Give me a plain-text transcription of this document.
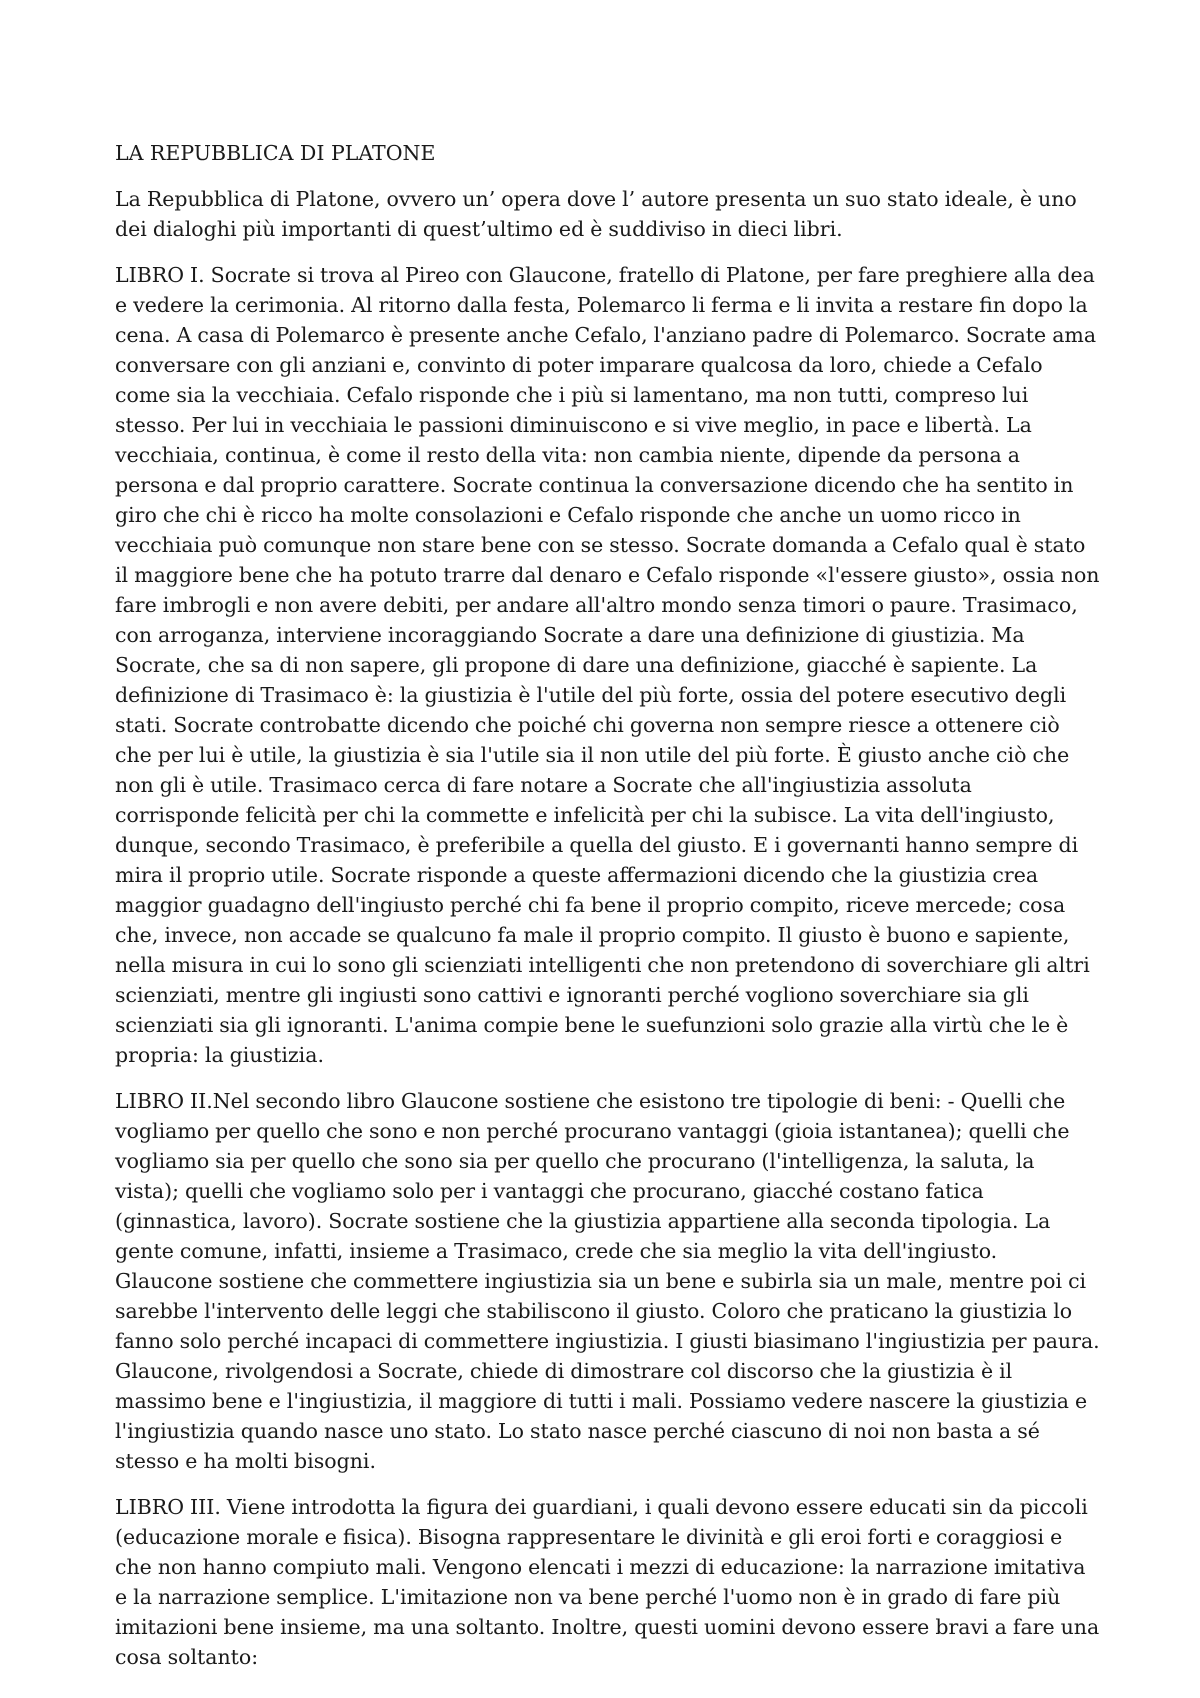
LA REPUBBLICA DI PLATONE

La Repubblica di Platone, ovvero un’ opera dove l’ autore presenta un suo stato ideale, è uno dei dialoghi più importanti di quest’ultimo ed è suddiviso in dieci libri.

LIBRO I. Socrate si trova al Pireo con Glaucone, fratello di Platone, per fare preghiere alla dea e vedere la cerimonia. Al ritorno dalla festa, Polemarco li ferma e li invita a restare fin dopo la cena. A casa di Polemarco è presente anche Cefalo, l'anziano padre di Polemarco. Socrate ama conversare con gli anziani e, convinto di poter imparare qualcosa da loro, chiede a Cefalo come sia la vecchiaia. Cefalo risponde che i più si lamentano, ma non tutti, compreso lui stesso. Per lui in vecchiaia le passioni diminuiscono e si vive meglio, in pace e libertà. La vecchiaia, continua, è come il resto della vita: non cambia niente, dipende da persona a persona e dal proprio carattere. Socrate continua la conversazione dicendo che ha sentito in giro che chi è ricco ha molte consolazioni e Cefalo risponde che anche un uomo ricco in vecchiaia può comunque non stare bene con se stesso. Socrate domanda a Cefalo qual è stato il maggiore bene che ha potuto trarre dal denaro e Cefalo risponde «l'essere giusto», ossia non fare imbrogli e non avere debiti, per andare all'altro mondo senza timori o paure. Trasimaco, con arroganza, interviene incoraggiando Socrate a dare una definizione di giustizia. Ma Socrate, che sa di non sapere, gli propone di dare una definizione, giacché è sapiente. La definizione di Trasimaco è: la giustizia è l'utile del più forte, ossia del potere esecutivo degli stati. Socrate controbatte dicendo che poiché chi governa non sempre riesce a ottenere ciò che per lui è utile, la giustizia è sia l'utile sia il non utile del più forte. È giusto anche ciò che non gli è utile. Trasimaco cerca di fare notare a Socrate che all'ingiustizia assoluta corrisponde felicità per chi la commette e infelicità per chi la subisce. La vita dell'ingiusto, dunque, secondo Trasimaco, è preferibile a quella del giusto. E i governanti hanno sempre di mira il proprio utile. Socrate risponde a queste affermazioni dicendo che la giustizia crea maggior guadagno dell'ingiusto perché chi fa bene il proprio compito, riceve mercede; cosa che, invece, non accade se qualcuno fa male il proprio compito. Il giusto è buono e sapiente, nella misura in cui lo sono gli scienziati intelligenti che non pretendono di soverchiare gli altri scienziati, mentre gli ingiusti sono cattivi e ignoranti perché vogliono soverchiare sia gli scienziati sia gli ignoranti. L'anima compie bene le suefunzioni solo grazie alla virtù che le è propria: la giustizia.

LIBRO II.Nel secondo libro Glaucone sostiene che esistono tre tipologie di beni: - Quelli che vogliamo per quello che sono e non perché procurano vantaggi (gioia istantanea); quelli che vogliamo sia per quello che sono sia per quello che procurano (l'intelligenza, la saluta, la vista); quelli che vogliamo solo per i vantaggi che procurano, giacché costano fatica (ginnastica, lavoro). Socrate sostiene che la giustizia appartiene alla seconda tipologia. La gente comune, infatti, insieme a Trasimaco, crede che sia meglio la vita dell'ingiusto. Glaucone sostiene che commettere ingiustizia sia un bene e subirla sia un male, mentre poi ci sarebbe l'intervento delle leggi che stabiliscono il giusto. Coloro che praticano la giustizia lo fanno solo perché incapaci di commettere ingiustizia. I giusti biasimano l'ingiustizia per paura. Glaucone, rivolgendosi a Socrate, chiede di dimostrare col discorso che la giustizia è il massimo bene e l'ingiustizia, il maggiore di tutti i mali. Possiamo vedere nascere la giustizia e l'ingiustizia quando nasce uno stato. Lo stato nasce perché ciascuno di noi non basta a sé stesso e ha molti bisogni.

LIBRO III. Viene introdotta la figura dei guardiani, i quali devono essere educati sin da piccoli (educazione morale e fisica). Bisogna rappresentare le divinità e gli eroi forti e coraggiosi e che non hanno compiuto mali. Vengono elencati i mezzi di educazione: la narrazione imitativa e la narrazione semplice. L'imitazione non va bene perché l'uomo non è in grado di fare più imitazioni bene insieme, ma una soltanto. Inoltre, questi uomini devono essere bravi a fare una cosa soltanto:
